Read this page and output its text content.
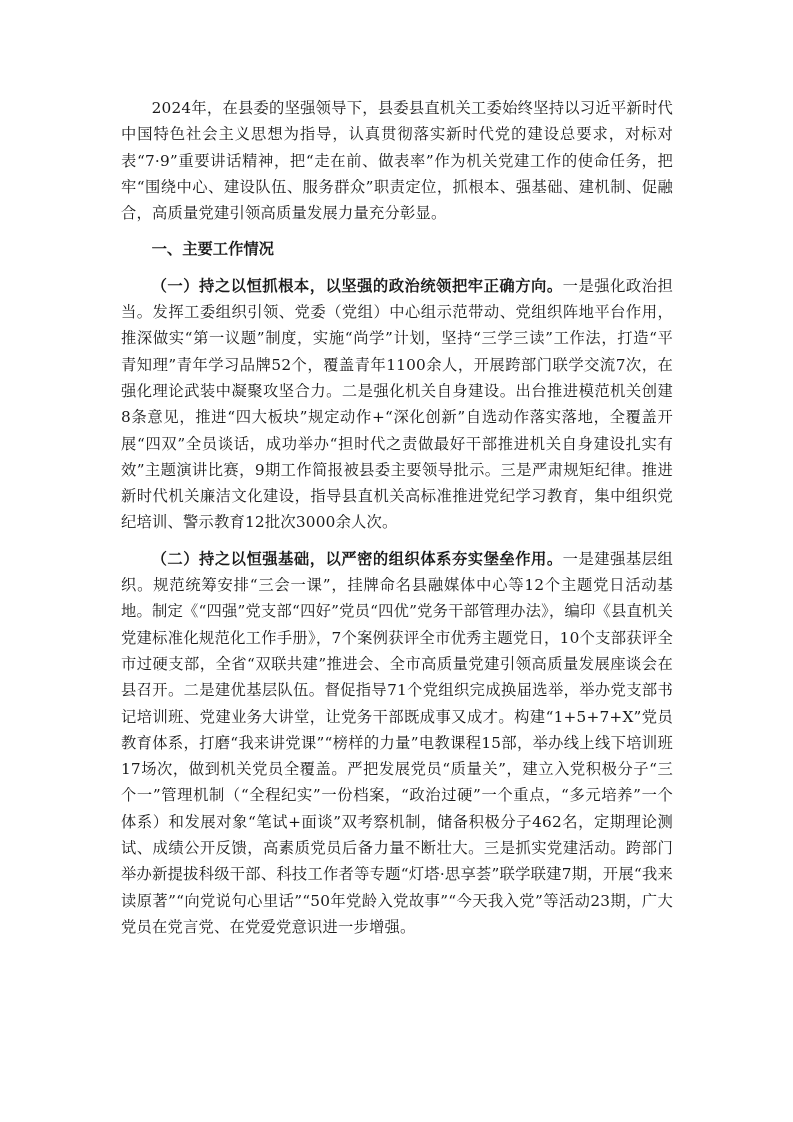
2024年，在县委的坚强领导下，县委县直机关工委始终坚持以习近平新时代中国特色社会主义思想为指导，认真贯彻落实新时代党的建设总要求，对标对表“7·9”重要讲话精神，把“走在前、做表率”作为机关党建工作的使命任务，把牢“围绕中心、建设队伍、服务群众”职责定位，抓根本、强基础、建机制、促融合，高质量党建引领高质量发展力量充分彰显。

一、主要工作情况

（一）持之以恒抓根本，以坚强的政治统领把牢正确方向。一是强化政治担当。发挥工委组织引领、党委（党组）中心组示范带动、党组织阵地平台作用，推深做实“第一议题”制度，实施“尚学”计划，坚持“三学三读”工作法，打造“平青知理”青年学习品牌52个，覆盖青年1100余人，开展跨部门联学交流7次，在强化理论武装中凝聚攻坚合力。二是强化机关自身建设。出台推进模范机关创建8条意见，推进“四大板块”规定动作+“深化创新”自选动作落实落地，全覆盖开展“四双”全员谈话，成功举办“担时代之责做最好干部推进机关自身建设扎实有效”主题演讲比赛，9期工作简报被县委主要领导批示。三是严肃规矩纪律。推进新时代机关廉洁文化建设，指导县直机关高标准推进党纪学习教育，集中组织党纪培训、警示教育12批次3000余人次。

（二）持之以恒强基础，以严密的组织体系夯实堡垒作用。一是建强基层组织。规范统筹安排“三会一课”，挂牌命名县融媒体中心等12个主题党日活动基地。制定《“四强”党支部“四好”党员“四优”党务干部管理办法》，编印《县直机关党建标准化规范化工作手册》，7个案例获评全市优秀主题党日，10个支部获评全市过硬支部，全省“双联共建”推进会、全市高质量党建引领高质量发展座谈会在县召开。二是建优基层队伍。督促指导71个党组织完成换届选举，举办党支部书记培训班、党建业务大讲堂，让党务干部既成事又成才。构建“1+5+7+X”党员教育体系，打磨“我来讲党课”“榜样的力量”电教课程15部，举办线上线下培训班17场次，做到机关党员全覆盖。严把发展党员“质量关”，建立入党积极分子“三个一”管理机制（“全程纪实”一份档案，“政治过硬”一个重点，“多元培养”一个体系）和发展对象“笔试+面谈”双考察机制，储备积极分子462名，定期理论测试、成绩公开反馈，高素质党员后备力量不断壮大。三是抓实党建活动。跨部门举办新提拔科级干部、科技工作者等专题“灯塔·思享荟”联学联建7期，开展“我来读原著”“向党说句心里话”“50年党龄入党故事”“今天我入党”等活动23期，广大党员在党言党、在党爱党意识进一步增强。
